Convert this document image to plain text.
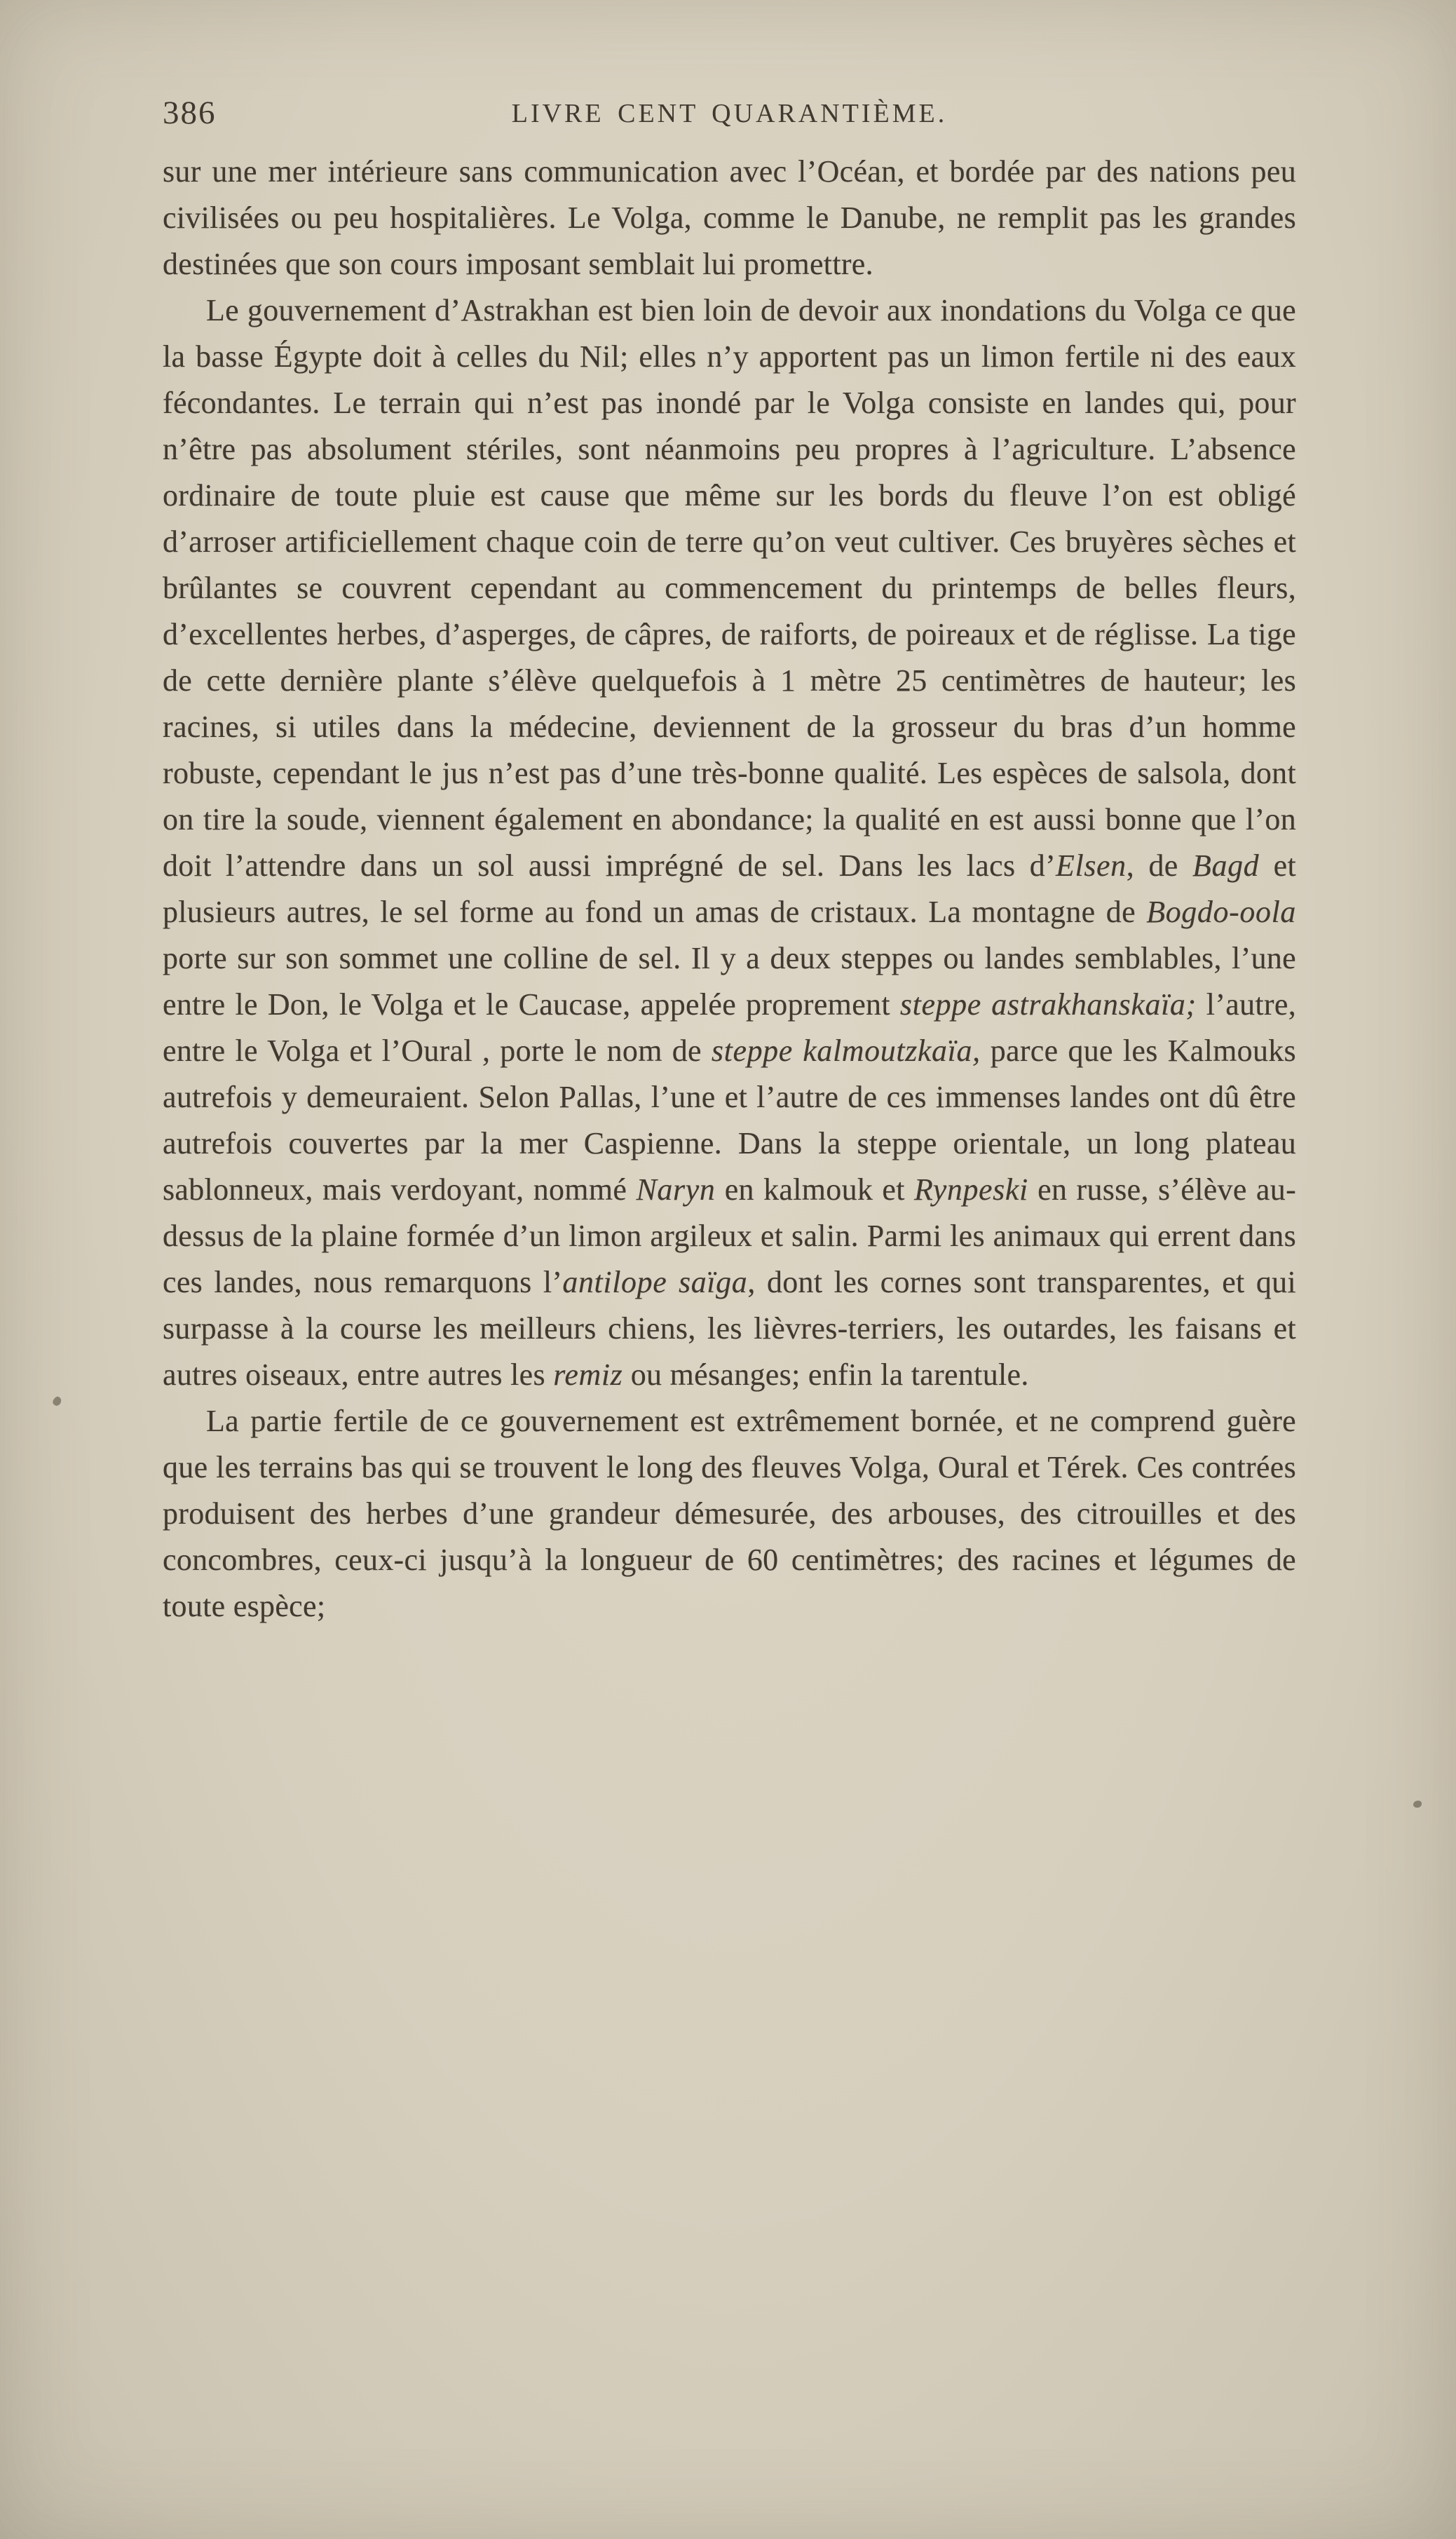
386	LIVRE CENT QUARANTIÈME.

sur une mer intérieure sans communication avec l’Océan, et bordée par des nations peu civilisées ou peu hospitalières. Le Volga, comme le Danube, ne remplit pas les grandes destinées que son cours imposant semblait lui promettre.

Le gouvernement d’Astrakhan est bien loin de devoir aux inondations du Volga ce que la basse Égypte doit à celles du Nil; elles n’y apportent pas un limon fertile ni des eaux fécondantes. Le terrain qui n’est pas inondé par le Volga consiste en landes qui, pour n’être pas absolument stériles, sont néanmoins peu propres à l’agriculture. L’absence ordinaire de toute pluie est cause que même sur les bords du fleuve l’on est obligé d’arroser artificiellement chaque coin de terre qu’on veut cultiver. Ces bruyères sèches et brûlantes se couvrent cependant au commencement du printemps de belles fleurs, d’excellentes herbes, d’asperges, de câpres, de raiforts, de poireaux et de réglisse. La tige de cette dernière plante s’élève quelquefois à 1 mètre 25 centimètres de hauteur; les racines, si utiles dans la médecine, deviennent de la grosseur du bras d’un homme robuste, cependant le jus n’est pas d’une très-bonne qualité. Les espèces de salsola, dont on tire la soude, viennent également en abondance; la qualité en est aussi bonne que l’on doit l’attendre dans un sol aussi imprégné de sel. Dans les lacs d’Elsen, de Bagd et plusieurs autres, le sel forme au fond un amas de cristaux. La montagne de Bogdo-oola porte sur son sommet une colline de sel. Il y a deux steppes ou landes semblables, l’une entre le Don, le Volga et le Caucase, appelée proprement steppe astrakhanskaïa; l’autre, entre le Volga et l’Oural , porte le nom de steppe kalmoutzkaïa, parce que les Kalmouks autrefois y demeuraient. Selon Pallas, l’une et l’autre de ces immenses landes ont dû être autrefois couvertes par la mer Caspienne. Dans la steppe orientale, un long plateau sablonneux, mais verdoyant, nommé Naryn en kalmouk et Rynpeski en russe, s’élève au-dessus de la plaine formée d’un limon argileux et salin. Parmi les animaux qui errent dans ces landes, nous remarquons l’antilope saïga, dont les cornes sont transparentes, et qui surpasse à la course les meilleurs chiens, les lièvres-terriers, les outardes, les faisans et autres oiseaux, entre autres les remiz ou mésanges; enfin la tarentule.

La partie fertile de ce gouvernement est extrêmement bornée, et ne comprend guère que les terrains bas qui se trouvent le long des fleuves Volga, Oural et Térek. Ces contrées produisent des herbes d’une grandeur démesurée, des arbouses, des citrouilles et des concombres, ceux-ci jusqu’à la longueur de 60 centimètres; des racines et légumes de toute espèce;
